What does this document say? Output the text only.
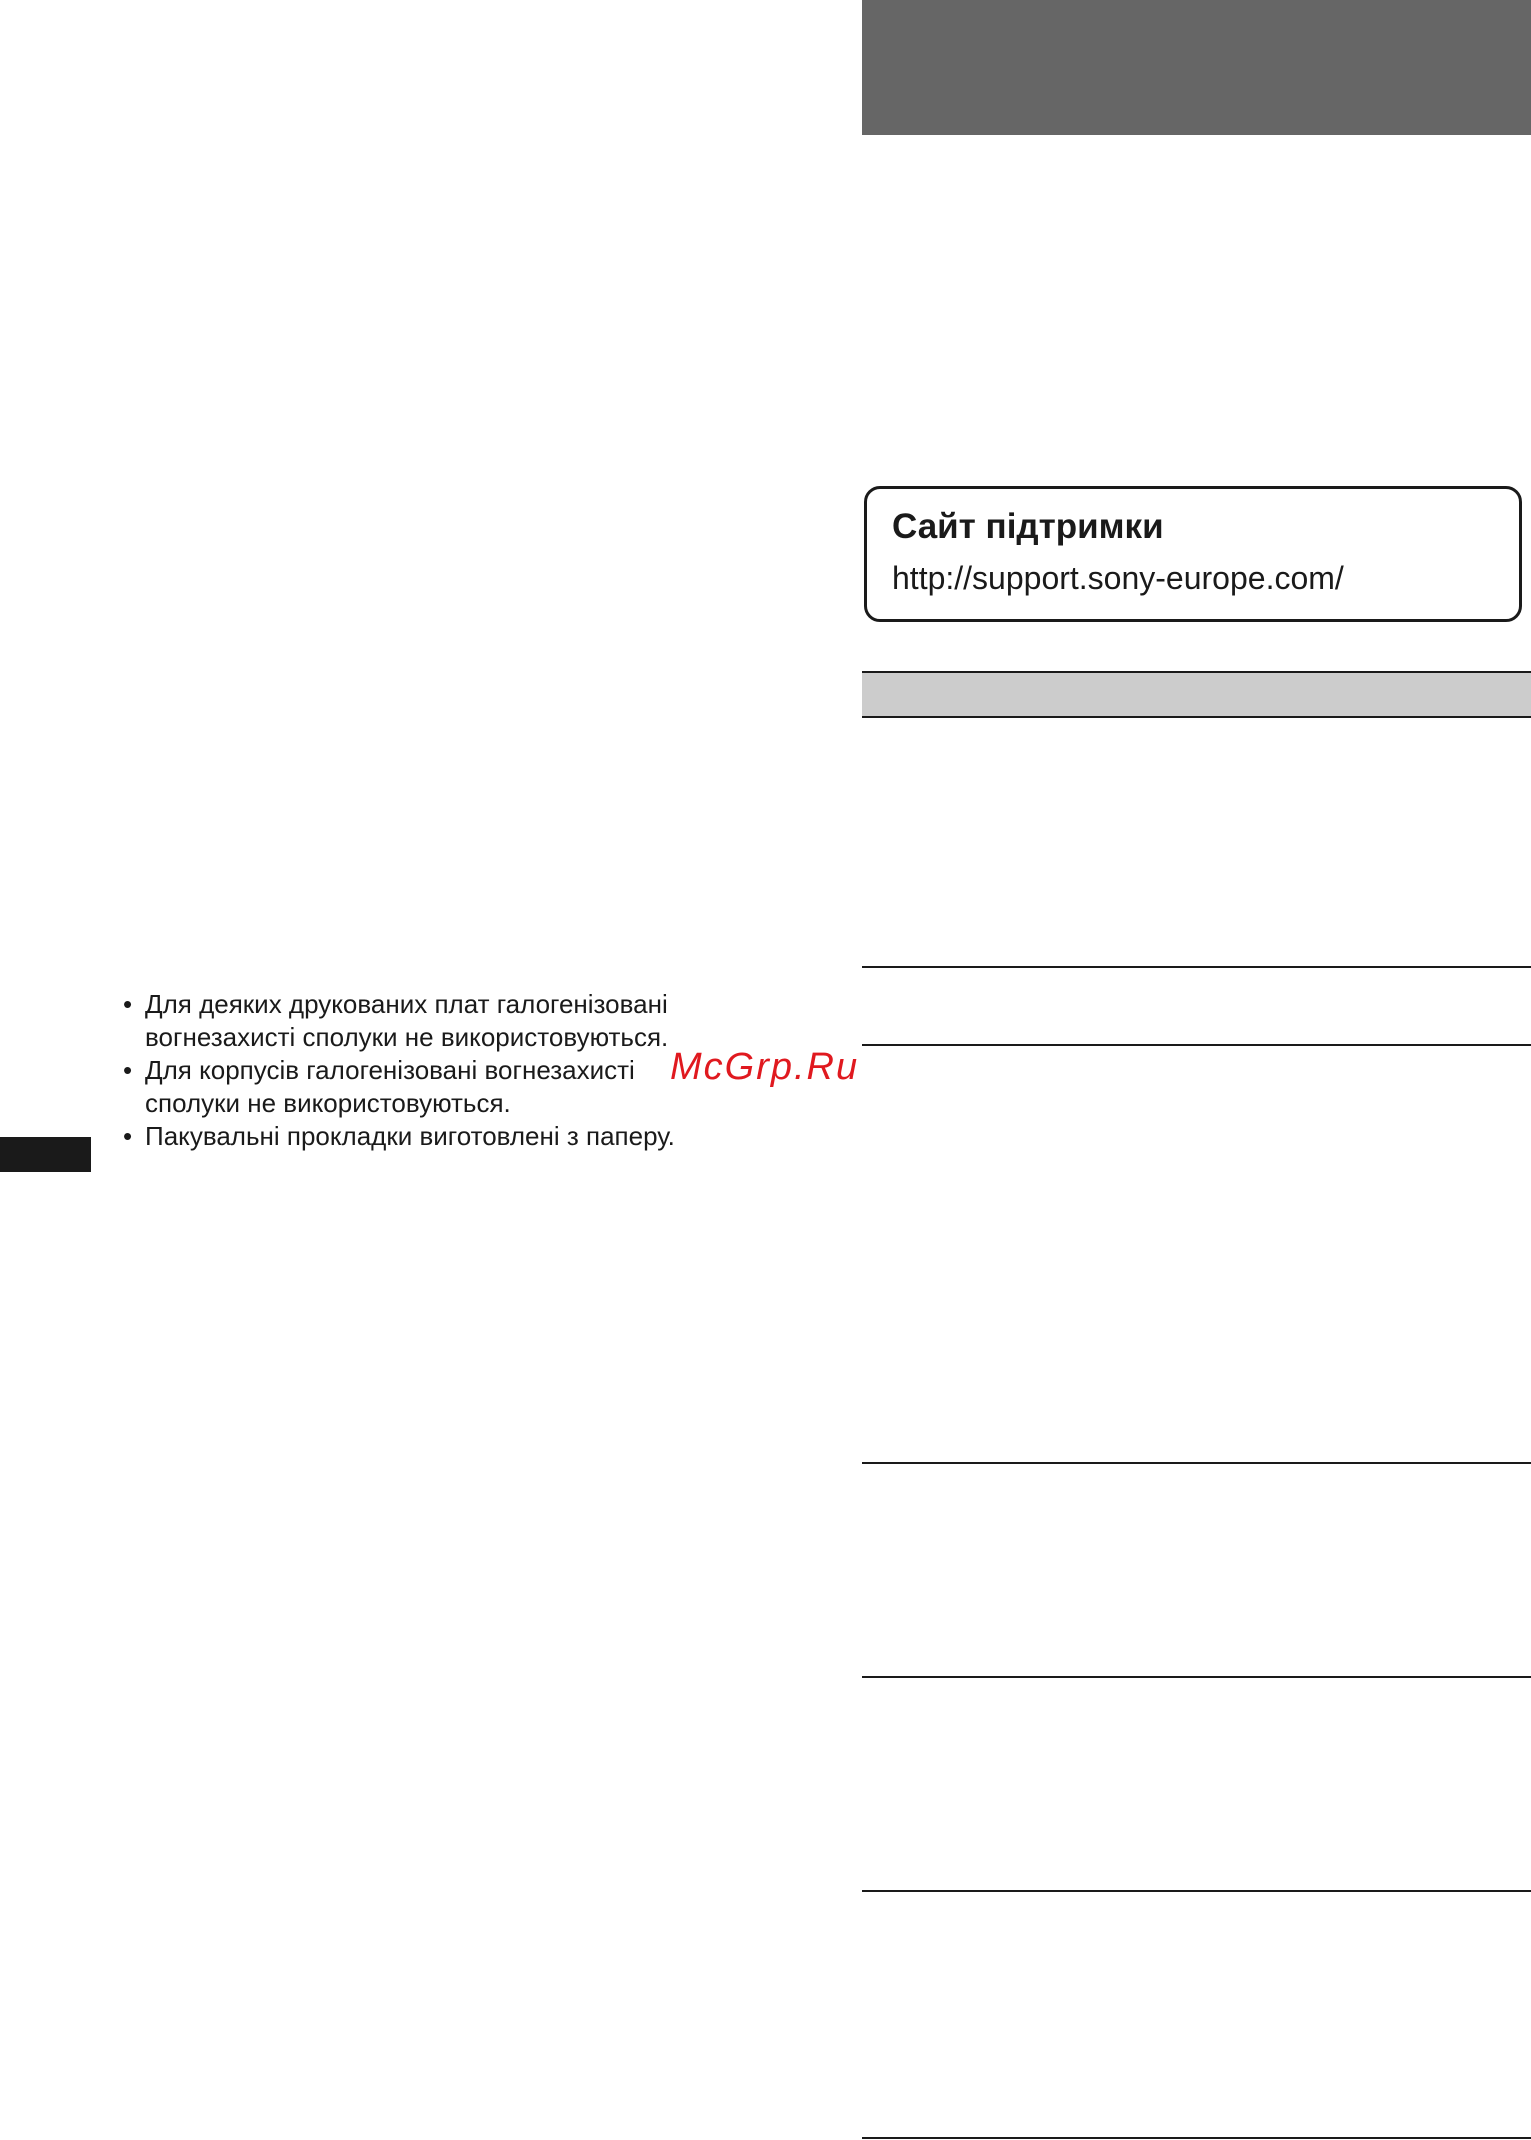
Сайт підтримки
http://support.sony-europe.com/
• Для деяких друкованих плат галогенізовані
вогнезахисті сполуки не використовуються.
• Для корпусів галогенізовані вогнезахисті
сполуки не використовуються.
• Пакувальні прокладки виготовлені з паперу.
McGrp.Ru
